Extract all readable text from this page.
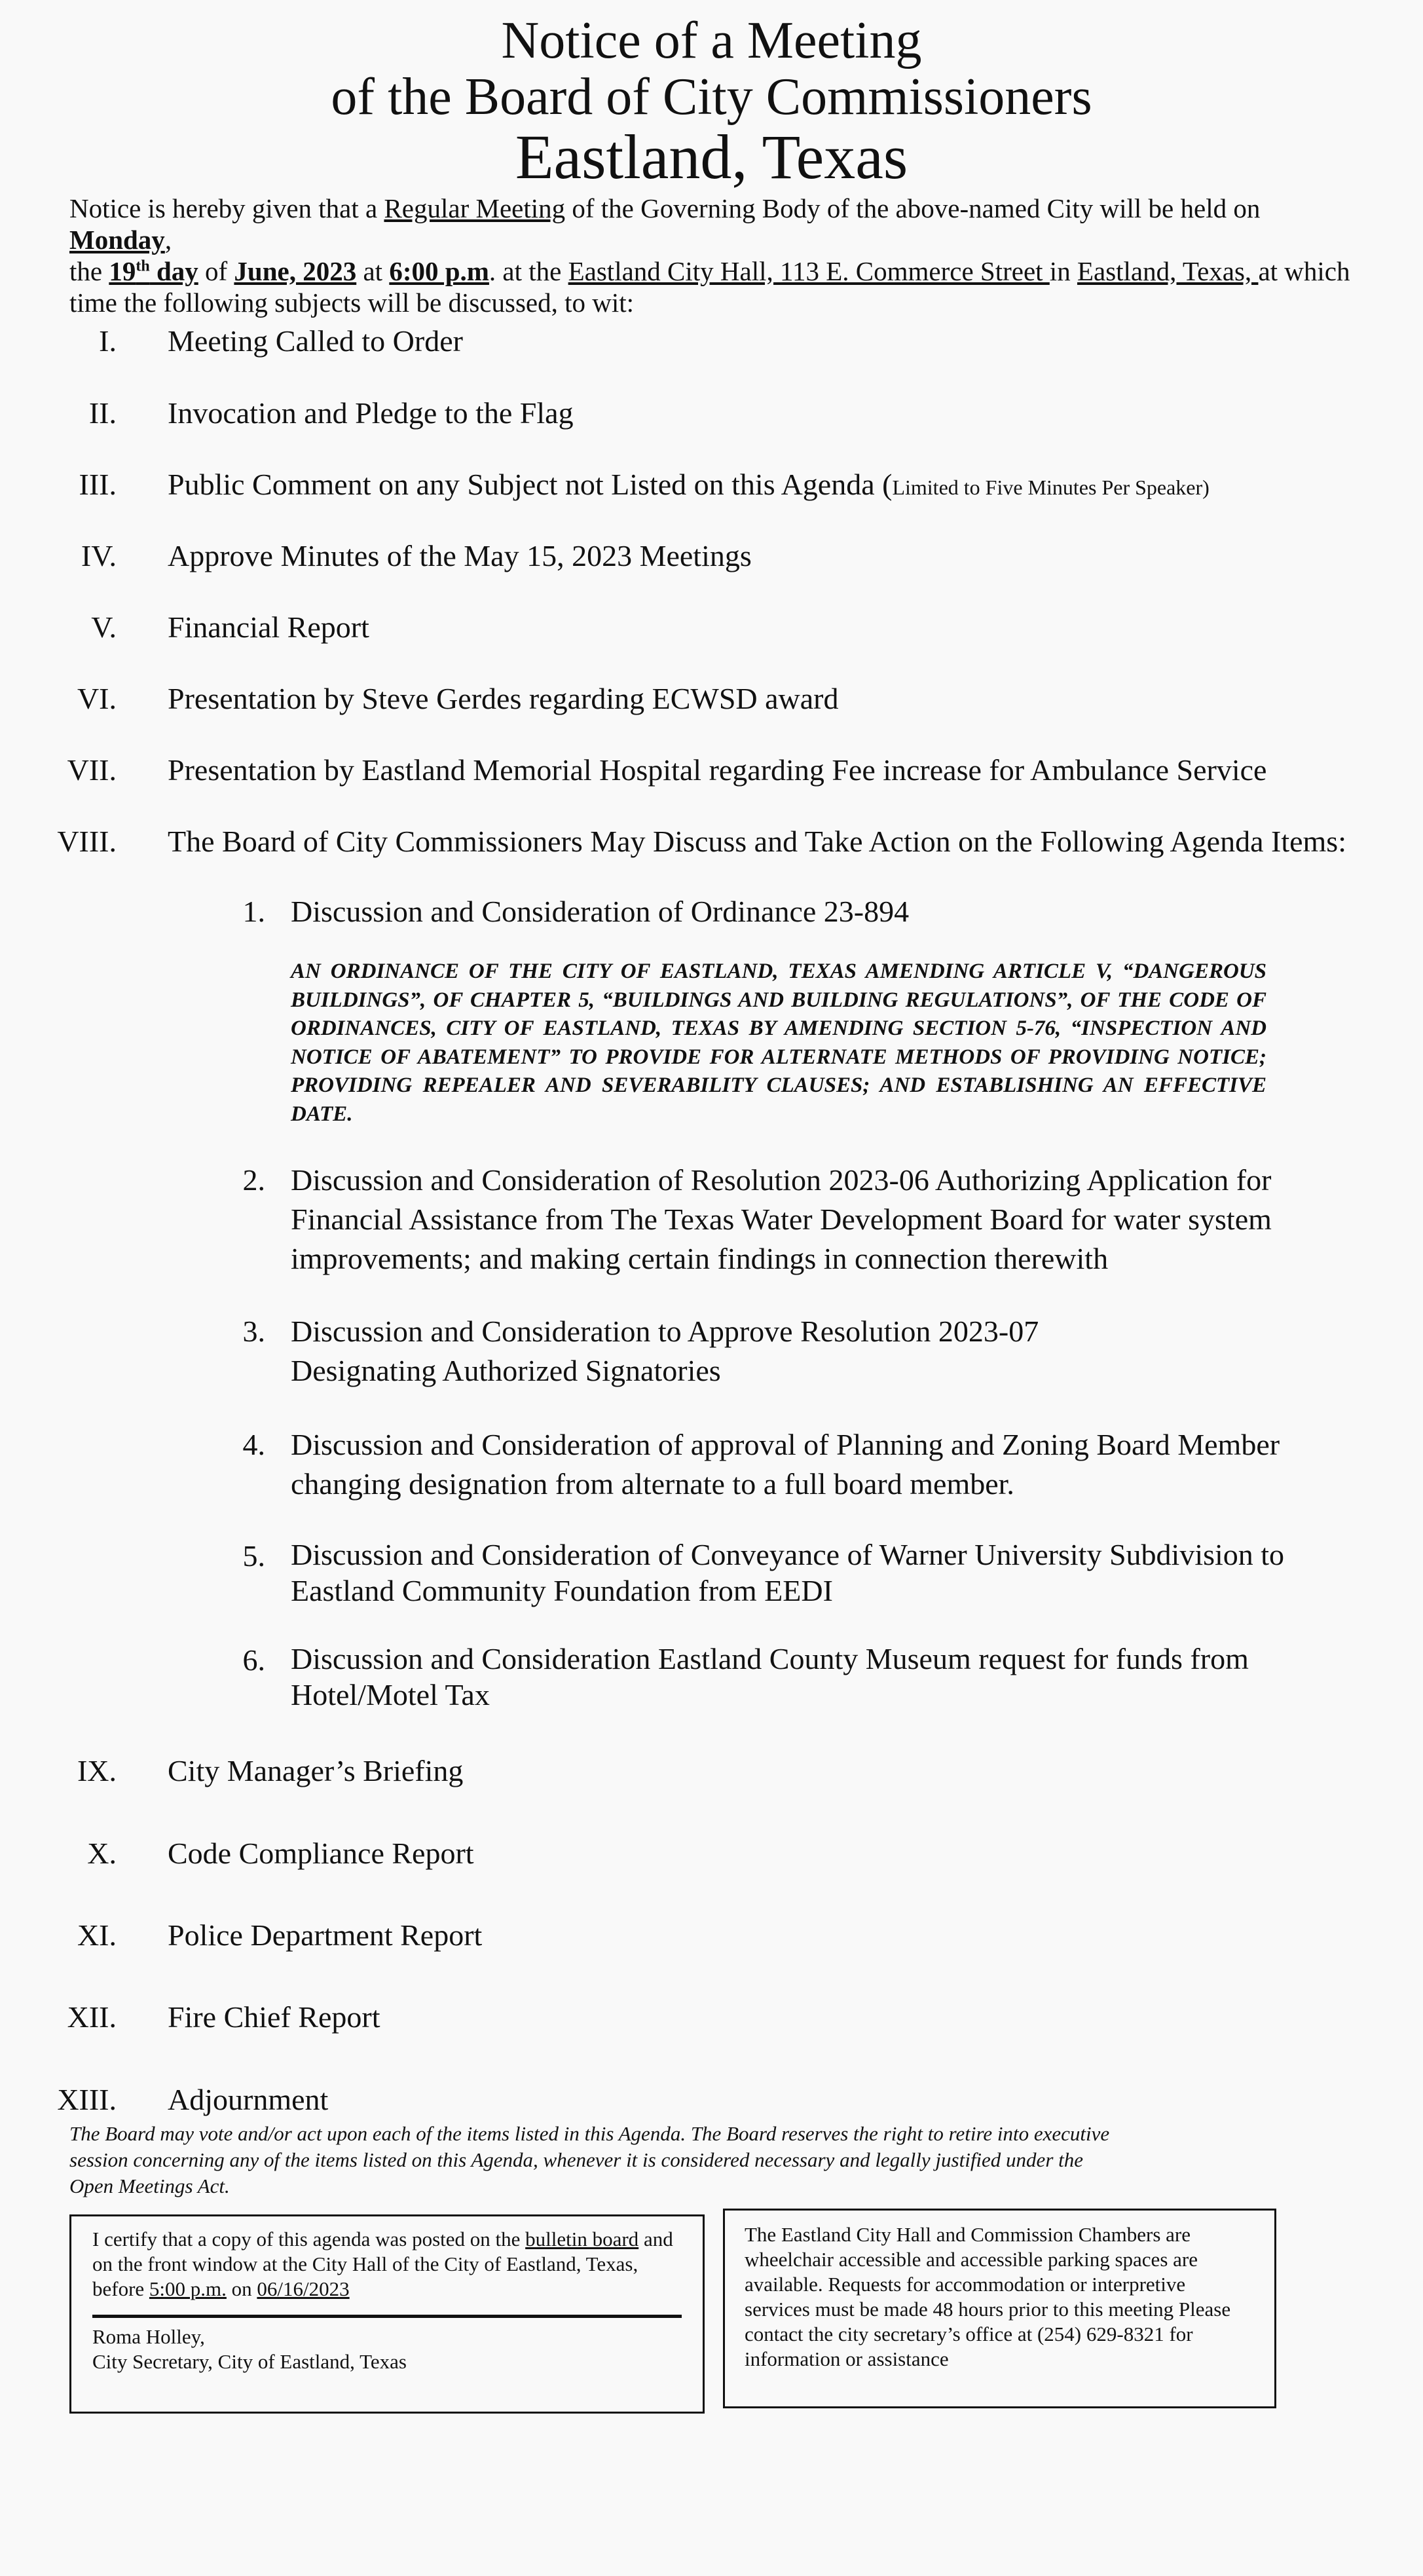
Notice of a Meeting
of the Board of City Commissioners
Eastland, Texas

Notice is hereby given that a Regular Meeting of the Governing Body of the above-named City will be held on Monday,
the 19th day of June, 2023 at 6:00 p.m. at the Eastland City Hall, 113 E. Commerce Street in Eastland, Texas, at which time the following subjects will be discussed, to wit:

I. Meeting Called to Order
II. Invocation and Pledge to the Flag
III. Public Comment on any Subject not Listed on this Agenda (Limited to Five Minutes Per Speaker)
IV. Approve Minutes of the May 15, 2023 Meetings
V. Financial Report
VI. Presentation by Steve Gerdes regarding ECWSD award
VII. Presentation by Eastland Memorial Hospital regarding Fee increase for Ambulance Service
VIII. The Board of City Commissioners May Discuss and Take Action on the Following Agenda Items:
1. Discussion and Consideration of Ordinance 23-894
AN ORDINANCE OF THE CITY OF EASTLAND, TEXAS AMENDING ARTICLE V, “DANGEROUS BUILDINGS”, OF CHAPTER 5, “BUILDINGS AND BUILDING REGULATIONS”, OF THE CODE OF ORDINANCES, CITY OF EASTLAND, TEXAS BY AMENDING SECTION 5-76, “INSPECTION AND NOTICE OF ABATEMENT” TO PROVIDE FOR ALTERNATE METHODS OF PROVIDING NOTICE; PROVIDING REPEALER AND SEVERABILITY CLAUSES; AND ESTABLISHING AN EFFECTIVE DATE.
2. Discussion and Consideration of Resolution 2023-06 Authorizing Application for Financial Assistance from The Texas Water Development Board for water system improvements; and making certain findings in connection therewith
3. Discussion and Consideration to Approve Resolution 2023-07
Designating Authorized Signatories
4. Discussion and Consideration of approval of Planning and Zoning Board Member changing designation from alternate to a full board member.
5. Discussion and Consideration of Conveyance of Warner University Subdivision to
Eastland Community Foundation from EEDI
6. Discussion and Consideration Eastland County Museum request for funds from
Hotel/Motel Tax
IX. City Manager’s Briefing
X. Code Compliance Report
XI. Police Department Report
XII. Fire Chief Report
XIII. Adjournment

The Board may vote and/or act upon each of the items listed in this Agenda. The Board reserves the right to retire into executive session concerning any of the items listed on this Agenda, whenever it is considered necessary and legally justified under the Open Meetings Act.

I certify that a copy of this agenda was posted on the bulletin board and on the front window at the City Hall of the City of Eastland, Texas, before 5:00 p.m. on 06/16/2023
Roma Holley,
City Secretary, City of Eastland, Texas
The Eastland City Hall and Commission Chambers are wheelchair accessible and accessible parking spaces are available. Requests for accommodation or interpretive services must be made 48 hours prior to this meeting Please contact the city secretary’s office at (254) 629-8321 for information or assistance
